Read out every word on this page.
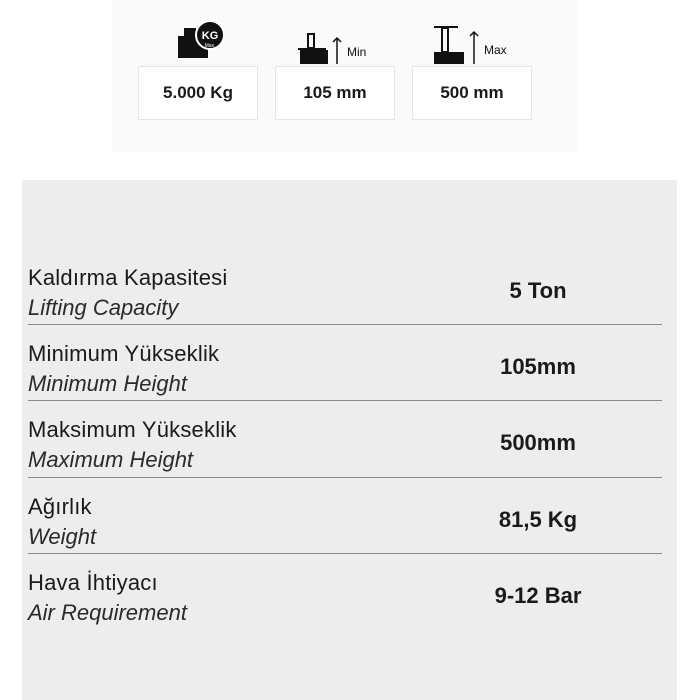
KG
Max.
5.000 Kg
Min
105 mm
Max
500 mm
Kaldırma Kapasitesi
Lifting Capacity
5 Ton
Minimum Yükseklik
Minimum Height
105mm
Maksimum Yükseklik
Maximum Height
500mm
Ağırlık
Weight
81,5 Kg
Hava İhtiyacı
Air Requirement
9-12 Bar
